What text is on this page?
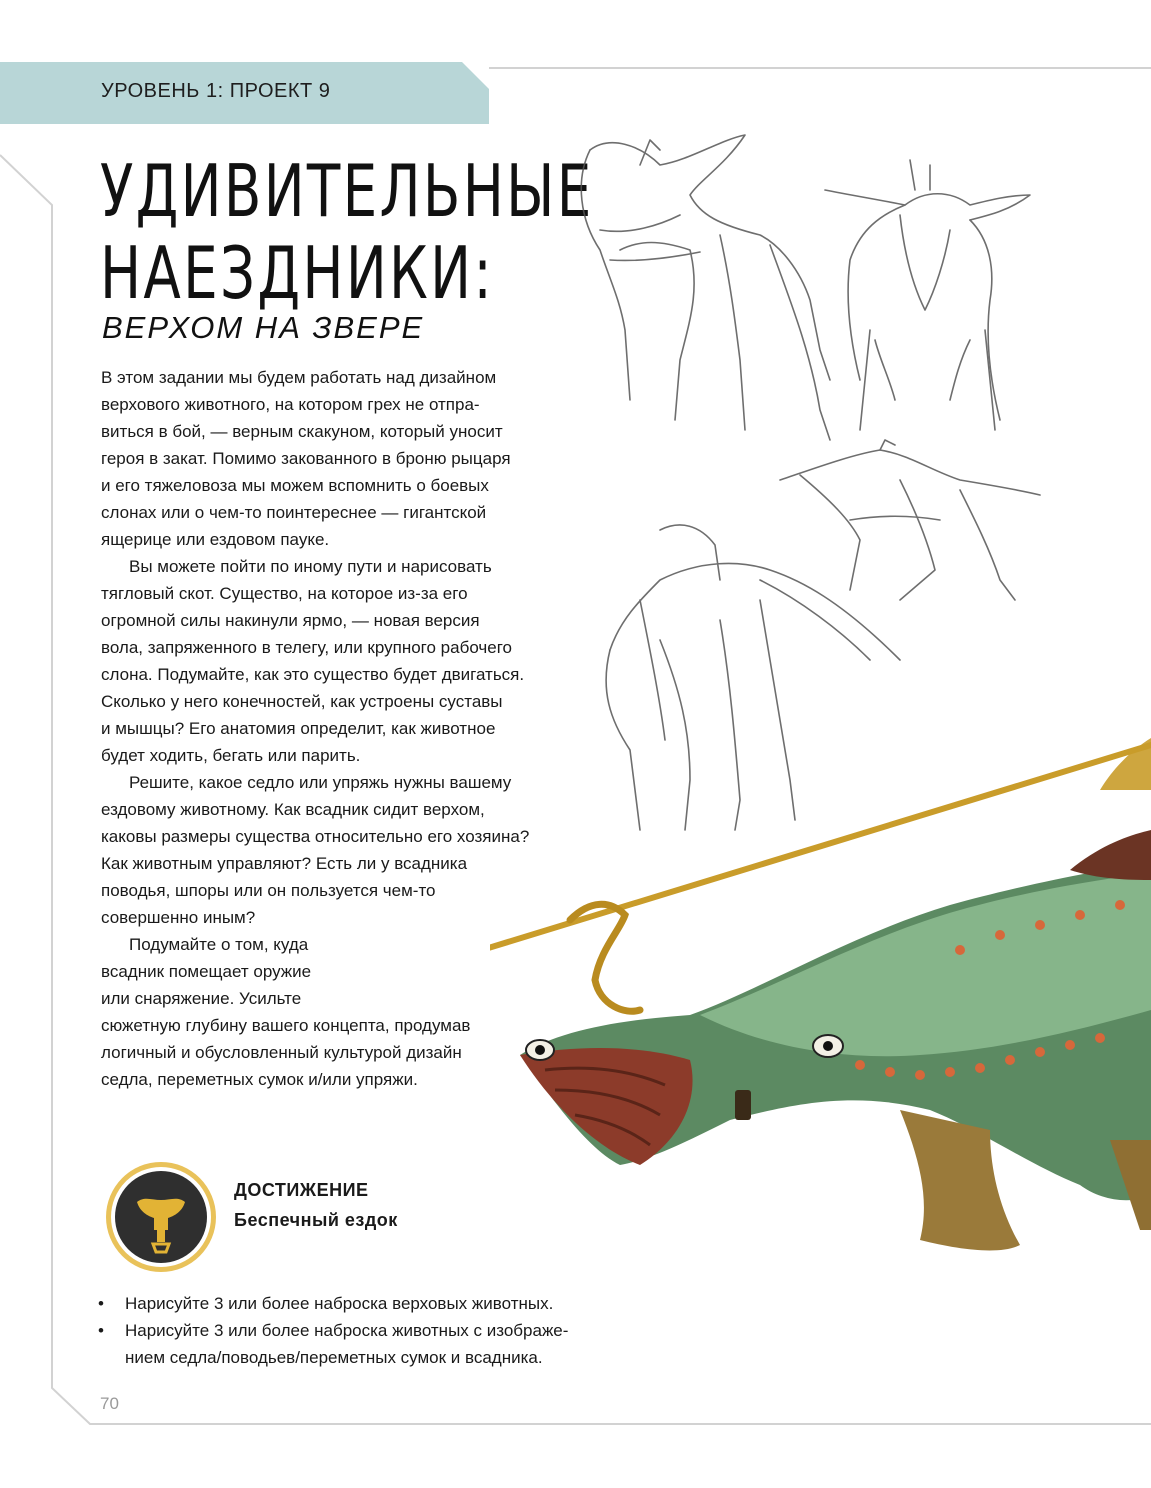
УРОВЕНЬ 1: ПРОЕКТ 9
УДИВИТЕЛЬНЫЕ
НАЕЗДНИКИ:
ВЕРХОМ НА ЗВЕРЕ

В этом задании мы будем работать над дизайном
верхового животного, на котором грех не отпра-
виться в бой, — верным скакуном, который уносит
героя в закат. Помимо закованного в броню рыцаря
и его тяжеловоза мы можем вспомнить о боевых
слонах или о чем-то поинтереснее — гигантской
ящерице или ездовом пауке.

Вы можете пойти по иному пути и нарисовать
тягловый скот. Существо, на которое из-за его
огромной силы накинули ярмо, — новая версия
вола, запряженного в телегу, или крупного рабочего
слона. Подумайте, как это существо будет двигаться.
Сколько у него конечностей, как устроены суставы
и мышцы? Его анатомия определит, как животное
будет ходить, бегать или парить.

Решите, какое седло или упряжь нужны вашему
ездовому животному. Как всадник сидит верхом,
каковы размеры существа относительно его хозяина?
Как животным управляют? Есть ли у всадника
поводья, шпоры или он пользуется чем-то
совершенно иным?

Подумайте о том, куда
всадник помещает оружие
или снаряжение. Усильте
сюжетную глубину вашего концепта, продумав
логичный и обусловленный культурой дизайн
седла, переметных сумок и/или упряжи.

ДОСТИЖЕНИЕ
Беспечный ездок
• Нарисуйте 3 или более наброска верховых животных.
• Нарисуйте 3 или более наброска животных с изображе-
нием седла/поводьев/переметных сумок и всадника.
70
